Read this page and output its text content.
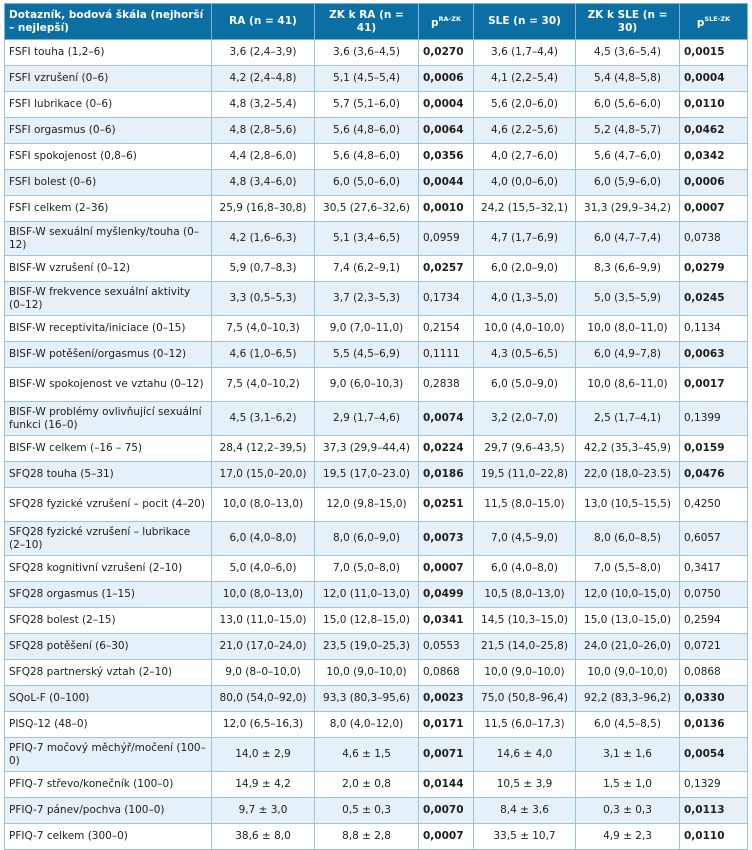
Dotazník, bodová škála (nejhorší – nejlepší)	RA (n = 41)	ZK k RA (n = 41)	$p^{RA-ZK}$	SLE (n = 30)	ZK k SLE (n = 30)	$p^{SLE-ZK}$
FSFI touha (1,2–6)	3,6 (2,4–3,9)	3,6 (3,6–4,5)	0,0270	3,6 (1,7–4,4)	4,5 (3,6–5,4)	0,0015
FSFI vzrušení (0–6)	4,2 (2,4–4,8)	5,1 (4,5–5,4)	0,0006	4,1 (2,2–5,4)	5,4 (4,8–5,8)	0,0004
FSFI lubrikace (0–6)	4,8 (3,2–5,4)	5,7 (5,1–6,0)	0,0004	5,6 (2,0–6,0)	6,0 (5,6–6,0)	0,0110
FSFI orgasmus (0–6)	4,8 (2,8–5,6)	5,6 (4,8–6,0)	0,0064	4,6 (2,2–5,6)	5,2 (4,8–5,7)	0,0462
FSFI spokojenost (0,8–6)	4,4 (2,8–6,0)	5,6 (4,8–6,0)	0,0356	4,0 (2,7–6,0)	5,6 (4,7–6,0)	0,0342
FSFI bolest (0–6)	4,8 (3,4–6,0)	6,0 (5,0–6,0)	0,0044	4,0 (0,0–6,0)	6,0 (5,9–6,0)	0,0006
FSFI celkem (2–36)	25,9 (16,8–30,8)	30,5 (27,6–32,6)	0,0010	24,2 (15,5–32,1)	31,3 (29,9–34,2)	0,0007
BISF-W sexuální myšlenky/touha (0–12)	4,2 (1,6–6,3)	5,1 (3,4–6,5)	0,0959	4,7 (1,7–6,9)	6,0 (4,7–7,4)	0,0738
BISF-W vzrušení (0–12)	5,9 (0,7–8,3)	7,4 (6,2–9,1)	0,0257	6,0 (2,0–9,0)	8,3 (6,6–9,9)	0,0279
BISF-W frekvence sexuální aktivity (0–12)	3,3 (0,5–5,3)	3,7 (2,3–5,3)	0,1734	4,0 (1,3–5,0)	5,0 (3,5–5,9)	0,0245
BISF-W receptivita/iniciace (0–15)	7,5 (4,0–10,3)	9,0 (7,0–11,0)	0,2154	10,0 (4,0–10,0)	10,0 (8,0–11,0)	0,1134
BISF-W potěšení/orgasmus (0–12)	4,6 (1,0–6,5)	5,5 (4,5–6,9)	0,1111	4,3 (0,5–6,5)	6,0 (4,9–7,8)	0,0063
BISF-W spokojenost ve vztahu (0–12)	7,5 (4,0–10,2)	9,0 (6,0–10,3)	0,2838	6,0 (5,0–9,0)	10,0 (8,6–11,0)	0,0017
BISF-W problémy ovlivňující sexuální funkci (16–0)	4,5 (3,1–6,2)	2,9 (1,7–4,6)	0,0074	3,2 (2,0–7,0)	2,5 (1,7–4,1)	0,1399
BISF-W celkem (–16 – 75)	28,4 (12,2–39,5)	37,3 (29,9–44,4)	0,0224	29,7 (9,6–43,5)	42,2 (35,3–45,9)	0,0159
SFQ28 touha (5–31)	17,0 (15,0–20,0)	19,5 (17,0–23.0)	0,0186	19,5 (11,0–22,8)	22,0 (18,0–23.5)	0,0476
SFQ28 fyzické vzrušení – pocit (4–20)	10,0 (8,0–13,0)	12,0 (9,8–15,0)	0,0251	11,5 (8,0–15,0)	13,0 (10,5–15,5)	0,4250
SFQ28 fyzické vzrušení – lubrikace (2–10)	6,0 (4,0–8,0)	8,0 (6,0–9,0)	0,0073	7,0 (4,5–9,0)	8,0 (6,0–8,5)	0,6057
SFQ28 kognitivní vzrušení (2–10)	5,0 (4,0–6,0)	7,0 (5,0–8,0)	0,0007	6,0 (4,0–8,0)	7,0 (5,5–8,0)	0,3417
SFQ28 orgasmus (1–15)	10,0 (8,0–13,0)	12,0 (11,0–13,0)	0,0499	10,5 (8,0–13,0)	12,0 (10,0–15,0)	0,0750
SFQ28 bolest (2–15)	13,0 (11,0–15,0)	15,0 (12,8–15,0)	0,0341	14,5 (10,3–15,0)	15,0 (13,0–15,0)	0,2594
SFQ28 potěšení (6–30)	21,0 (17,0–24,0)	23,5 (19,0–25,3)	0,0553	21,5 (14,0–25,8)	24,0 (21,0–26,0)	0,0721
SFQ28 partnerský vztah (2–10)	9,0 (8–0–10,0)	10,0 (9,0–10,0)	0,0868	10,0 (9,0–10,0)	10,0 (9,0–10,0)	0,0868
SQoL-F (0–100)	80,0 (54,0–92,0)	93,3 (80,3–95,6)	0,0023	75,0 (50,8–96,4)	92,2 (83,3–96,2)	0,0330
PISQ-12 (48–0)	12,0 (6,5–16,3)	8,0 (4,0–12,0)	0,0171	11,5 (6,0–17,3)	6,0 (4,5–8,5)	0,0136
PFIQ-7 močový měchýř/močení (100–0)	14,0 ± 2,9	4,6 ± 1,5	0,0071	14,6 ± 4,0	3,1 ± 1,6	0,0054
PFIQ-7 střevo/konečník (100–0)	14,9 ± 4,2	2,0 ± 0,8	0,0144	10,5 ± 3,9	1,5 ± 1,0	0,1329
PFIQ-7 pánev/pochva (100–0)	9,7 ± 3,0	0,5 ± 0,3	0,0070	8,4 ± 3,6	0,3 ± 0,3	0,0113
PFIQ-7 celkem (300–0)	38,6 ± 8,0	8,8 ± 2,8	0,0007	33,5 ± 10,7	4,9 ± 2,3	0,0110
